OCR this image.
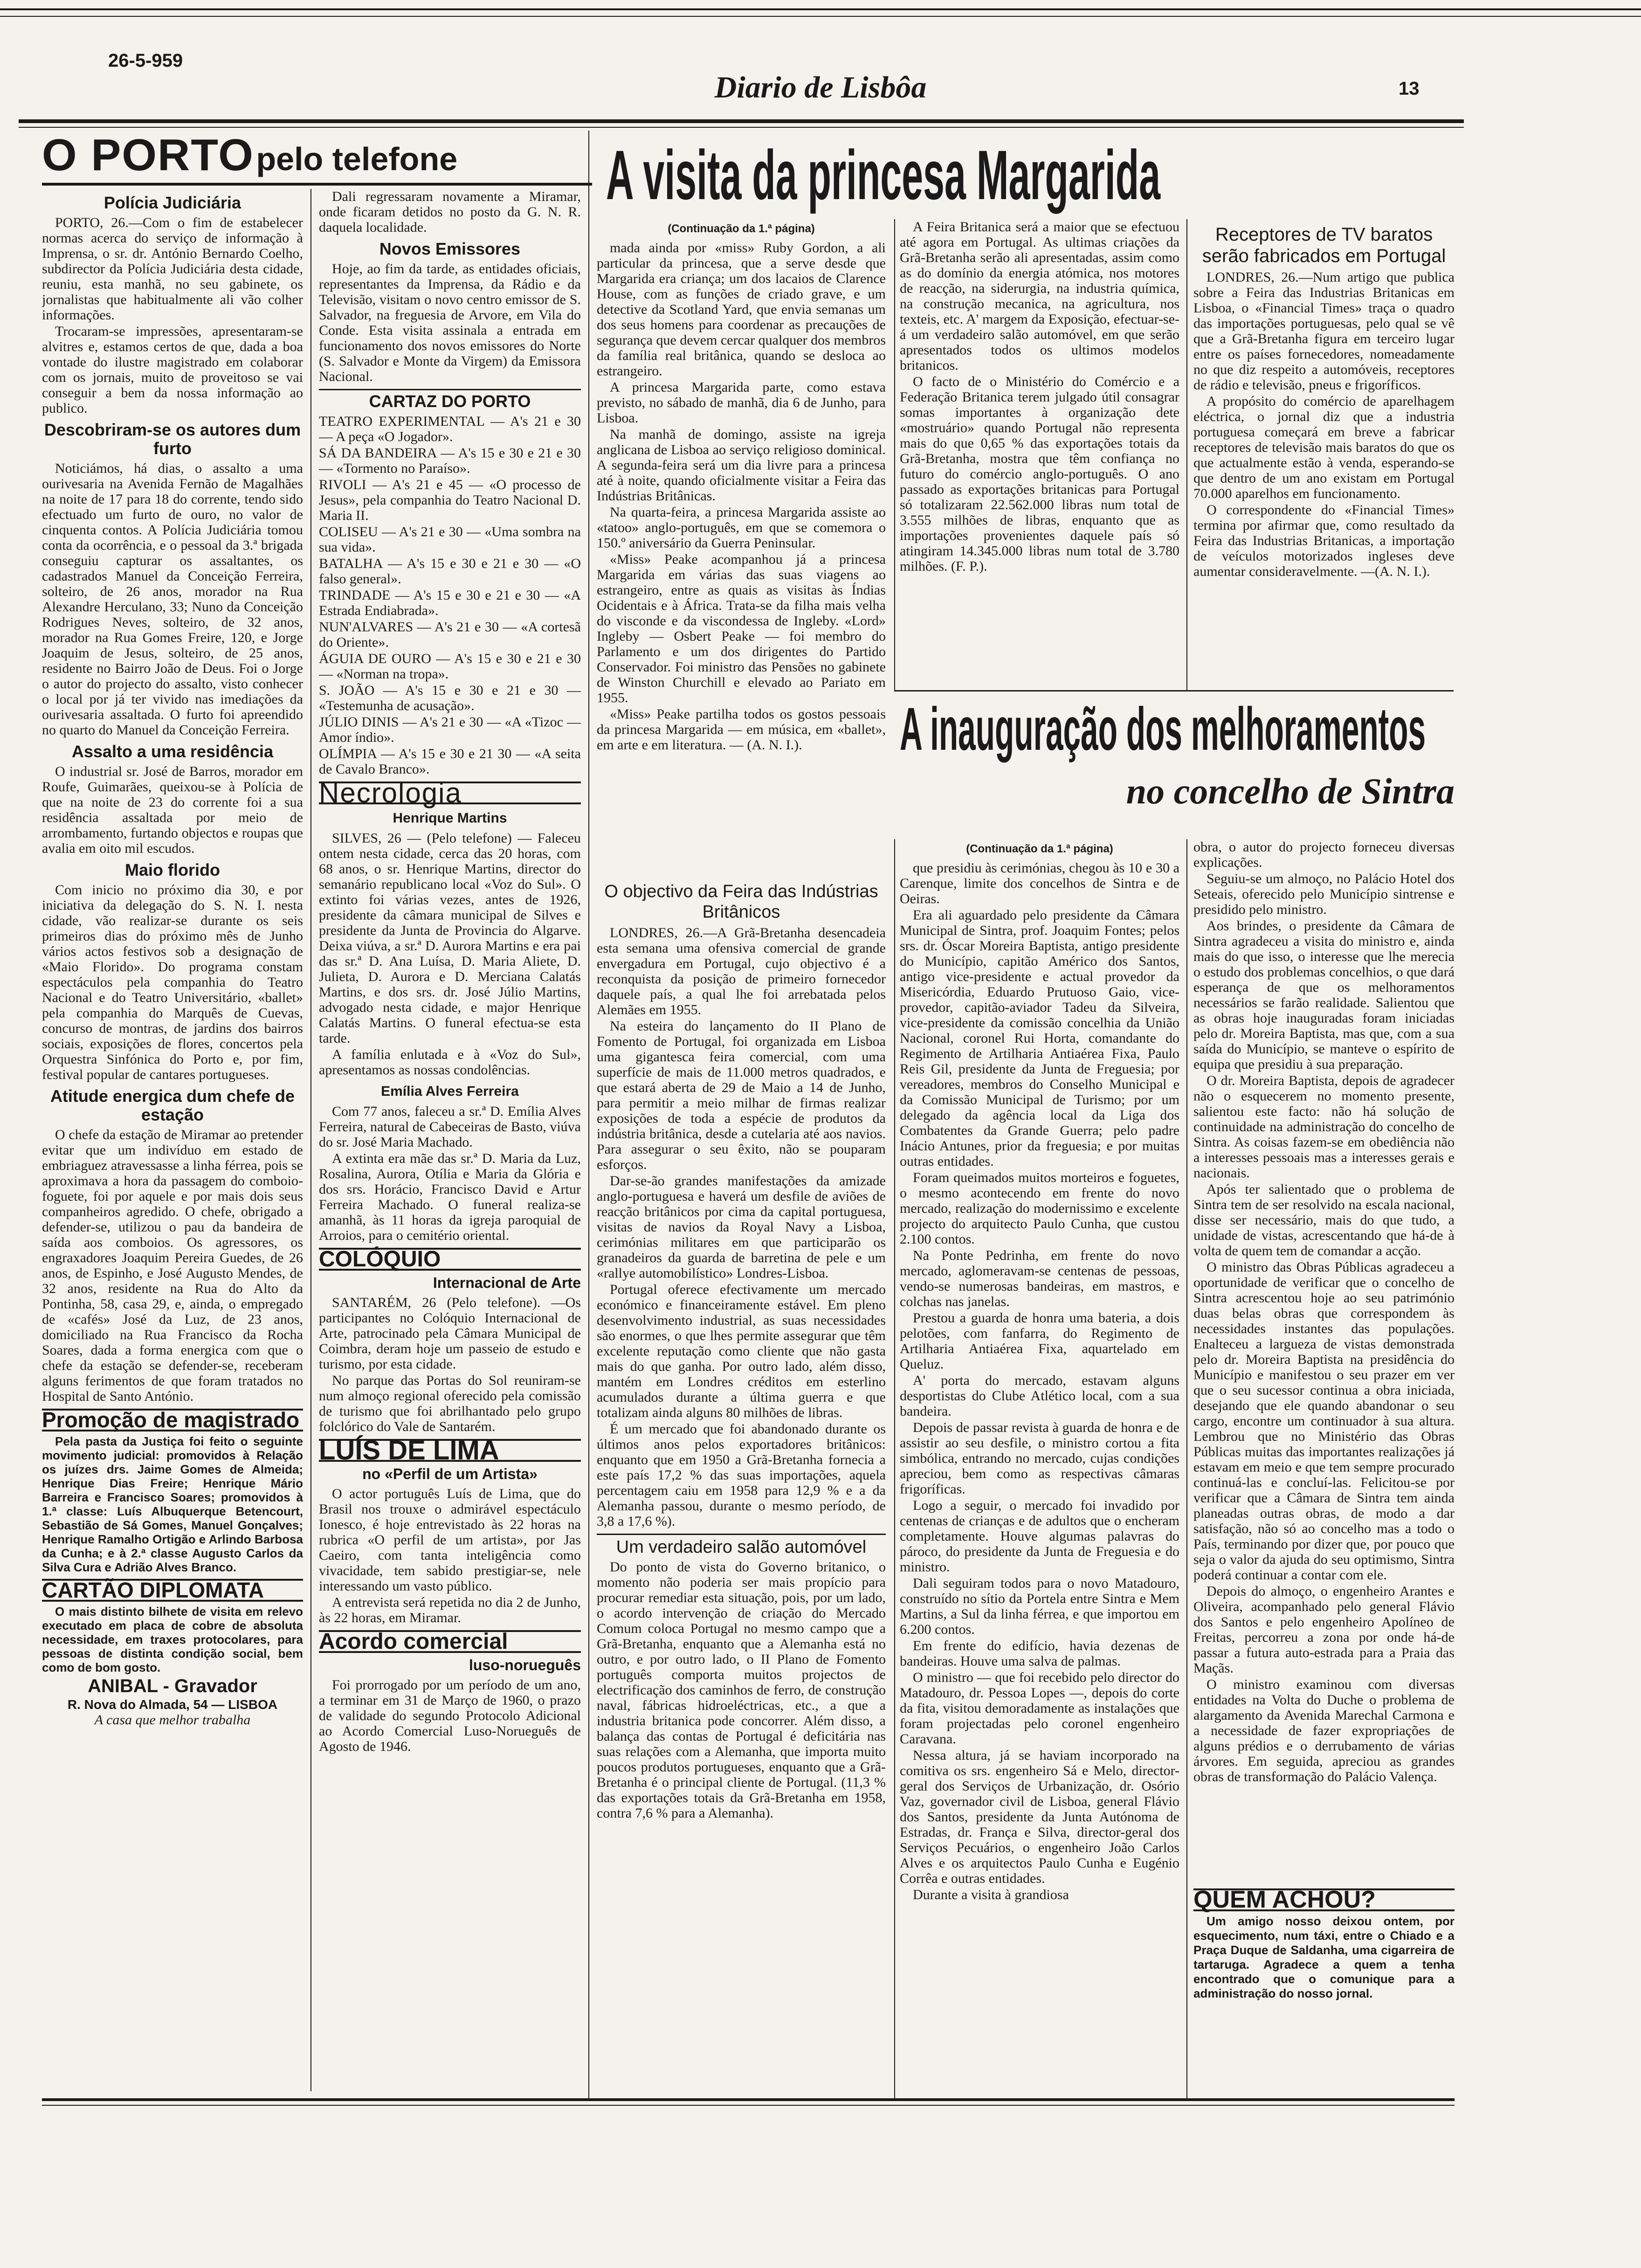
26-5-959
Diario de Lisbôa	13
O PORTO pelo telefone
Polícia Judiciária

PORTO, 26.—Com o fim de estabelecer normas acerca do serviço de informação à Imprensa, o sr. dr. António Bernardo Coelho, subdirector da Polícia Judiciária desta cidade, reuniu, esta manhã, no seu gabinete, os jornalistas que habitualmente ali vão colher informações.

Trocaram-se impressões, apresentaram-se alvitres e, estamos certos de que, dada a boa vontade do ilustre magistrado em colaborar com os jornais, muito de proveitoso se vai conseguir a bem da nossa informação ao publico.

Descobriram-se os autores dum furto

Noticiámos, há dias, o assalto a uma ourivesaria na Avenida Fernão de Magalhães na noite de 17 para 18 do corrente, tendo sido efectuado um furto de ouro, no valor de cinquenta contos. A Polícia Judiciária tomou conta da ocorrência, e o pessoal da 3.ª brigada conseguiu capturar os assaltantes, os cadastrados Manuel da Conceição Ferreira, solteiro, de 26 anos, morador na Rua Alexandre Herculano, 33; Nuno da Conceição Rodrigues Neves, solteiro, de 32 anos, morador na Rua Gomes Freire, 120, e Jorge Joaquim de Jesus, solteiro, de 25 anos, residente no Bairro João de Deus. Foi o Jorge o autor do projecto do assalto, visto conhecer o local por já ter vivido nas imediações da ourivesaria assaltada. O furto foi apreendido no quarto do Manuel da Conceição Ferreira.

Assalto a uma residência

O industrial sr. José de Barros, morador em Roufe, Guimarães, queixou-se à Polícia de que na noite de 23 do corrente foi a sua residência assaltada por meio de arrombamento, furtando objectos e roupas que avalia em oito mil escudos.

Maio florido

Com inicio no próximo dia 30, e por iniciativa da delegação do S. N. I. nesta cidade, vão realizar-se durante os seis primeiros dias do próximo mês de Junho vários actos festivos sob a designação de «Maio Florido». Do programa constam espectáculos pela companhia do Teatro Nacional e do Teatro Universitário, «ballet» pela companhia do Marquês de Cuevas, concurso de montras, de jardins dos bairros sociais, exposições de flores, concertos pela Orquestra Sinfónica do Porto e, por fim, festival popular de cantares portugueses.

Atitude energica dum chefe de estação

O chefe da estação de Miramar ao pretender evitar que um indivíduo em estado de embriaguez atravessasse a linha férrea, pois se aproximava a hora da passagem do comboio-foguete, foi por aquele e por mais dois seus companheiros agredido. O chefe, obrigado a defender-se, utilizou o pau da bandeira de saída aos comboios. Os agressores, os engraxadores Joaquim Pereira Guedes, de 26 anos, de Espinho, e José Augusto Mendes, de 32 anos, residente na Rua do Alto da Pontinha, 58, casa 29, e, ainda, o empregado de «cafés» José da Luz, de 23 anos, domiciliado na Rua Francisco da Rocha Soares, dada a forma energica com que o chefe da estação se defender-se, receberam alguns ferimentos de que foram tratados no Hospital de Santo António.

Promoção de magistrado

Pela pasta da Justiça foi feito o seguinte movimento judicial: promovidos à Relação os juízes drs. Jaime Gomes de Almeida; Henrique Dias Freire; Henrique Mário Barreira e Francisco Soares; promovidos à 1.ª classe: Luís Albuquerque Betencourt, Sebastião de Sá Gomes, Manuel Gonçalves; Henrique Ramalho Ortigão e Arlindo Barbosa da Cunha; e à 2.ª classe Augusto Carlos da Silva Cura e Adrião Alves Branco.

CARTÃO DIPLOMATA

O mais distinto bilhete de visita em relevo executado em placa de cobre de absoluta necessidade, em traxes protocolares, para pessoas de distinta condição social, bem como de bom gosto.

ANIBAL - Gravador
R. Nova do Almada, 54 — LISBOA
A casa que melhor trabalha

Dali regressaram novamente a Miramar, onde ficaram detidos no posto da G. N. R. daquela localidade.

Novos Emissores

Hoje, ao fim da tarde, as entidades oficiais, representantes da Imprensa, da Rádio e da Televisão, visitam o novo centro emissor de S. Salvador, na freguesia de Arvore, em Vila do Conde. Esta visita assinala a entrada em funcionamento dos novos emissores do Norte (S. Salvador e Monte da Virgem) da Emissora Nacional.

CARTAZ DO PORTO

TEATRO EXPERIMENTAL — A's 21 e 30 — A peça «O Jogador».

SÁ DA BANDEIRA — A's 15 e 30 e 21 e 30 — «Tormento no Paraíso».

RIVOLI — A's 21 e 45 — «O processo de Jesus», pela companhia do Teatro Nacional D. Maria II.

COLISEU — A's 21 e 30 — «Uma sombra na sua vida».

BATALHA — A's 15 e 30 e 21 e 30 — «O falso general».

TRINDADE — A's 15 e 30 e 21 e 30 — «A Estrada Endiabrada».

NUN'ALVARES — A's 21 e 30 — «A cortesã do Oriente».

ÁGUIA DE OURO — A's 15 e 30 e 21 e 30 — «Norman na tropa».

S. JOÃO — A's 15 e 30 e 21 e 30 — «Testemunha de acusação».

JÚLIO DINIS — A's 21 e 30 — «A «Tizoc — Amor índio».

OLÍMPIA — A's 15 e 30 e 21 30 — «A seita de Cavalo Branco».

Necrologia
Henrique Martins

SILVES, 26 — (Pelo telefone) — Faleceu ontem nesta cidade, cerca das 20 horas, com 68 anos, o sr. Henrique Martins, director do semanário republicano local «Voz do Sul». O extinto foi várias vezes, antes de 1926, presidente da câmara municipal de Silves e presidente da Junta de Provincia do Algarve. Deixa viúva, a sr.ª D. Aurora Martins e era pai das sr.ª D. Ana Luísa, D. Maria Aliete, D. Julieta, D. Aurora e D. Merciana Calatás Martins, e dos srs. dr. José Júlio Martins, advogado nesta cidade, e major Henrique Calatás Martins. O funeral efectua-se esta tarde.

A família enlutada e à «Voz do Sul», apresentamos as nossas condolências.

Emília Alves Ferreira

Com 77 anos, faleceu a sr.ª D. Emília Alves Ferreira, natural de Cabeceiras de Basto, viúva do sr. José Maria Machado.

A extinta era mãe das sr.ª D. Maria da Luz, Rosalina, Aurora, Otília e Maria da Glória e dos srs. Horácio, Francisco David e Artur Ferreira Machado. O funeral realiza-se amanhã, às 11 horas da igreja paroquial de Arroios, para o cemitério oriental.

COLÓQUIO
Internacional de Arte

SANTARÉM, 26 (Pelo telefone). —Os participantes no Colóquio Internacional de Arte, patrocinado pela Câmara Municipal de Coimbra, deram hoje um passeio de estudo e turismo, por esta cidade.

No parque das Portas do Sol reuniram-se num almoço regional oferecido pela comissão de turismo que foi abrilhantado pelo grupo folclórico do Vale de Santarém.

LUÍS DE LIMA
no «Perfil de um Artista»

O actor português Luís de Lima, que do Brasil nos trouxe o admirável espectáculo Ionesco, é hoje entrevistado às 22 horas na rubrica «O perfil de um artista», por Jas Caeiro, com tanta inteligência como vivacidade, tem sabido prestigiar-se, nele interessando um vasto público.

A entrevista será repetida no dia 2 de Junho, às 22 horas, em Miramar.

Acordo comercial
luso-norueguês

Foi prorrogado por um período de um ano, a terminar em 31 de Março de 1960, o prazo de validade do segundo Protocolo Adicional ao Acordo Comercial Luso-Norueguês de Agosto de 1946.

A visita da princesa Margarida
(Continuação da 1.ª página)

mada ainda por «miss» Ruby Gordon, a ali particular da princesa, que a serve desde que Margarida era criança; um dos lacaios de Clarence House, com as funções de criado grave, e um detective da Scotland Yard, que envia semanas um dos seus homens para coordenar as precauções de segurança que devem cercar qualquer dos membros da família real britânica, quando se desloca ao estrangeiro.

A princesa Margarida parte, como estava previsto, no sábado de manhã, dia 6 de Junho, para Lisboa.

Na manhã de domingo, assiste na igreja anglicana de Lisboa ao serviço religioso dominical. A segunda-feira será um dia livre para a princesa até à noite, quando oficialmente visitar a Feira das Indústrias Britânicas.

Na quarta-feira, a princesa Margarida assiste ao «tatoo» anglo-português, em que se comemora o 150.º aniversário da Guerra Peninsular.

«Miss» Peake acompanhou já a princesa Margarida em várias das suas viagens ao estrangeiro, entre as quais as visitas às Índias Ocidentais e à África. Trata-se da filha mais velha do visconde e da viscondessa de Ingleby. «Lord» Ingleby — Osbert Peake — foi membro do Parlamento e um dos dirigentes do Partido Conservador. Foi ministro das Pensões no gabinete de Winston Churchill e elevado ao Pariato em 1955.

«Miss» Peake partilha todos os gostos pessoais da princesa Margarida — em música, em «ballet», em arte e em literatura. — (A. N. I.).

A Feira Britanica será a maior que se efectuou até agora em Portugal. As ultimas criações da Grã-Bretanha serão ali apresentadas, assim como as do domínio da energia atómica, nos motores de reacção, na siderurgia, na industria química, na construção mecanica, na agricultura, nos texteis, etc. A' margem da Exposição, efectuar-se-á um verdadeiro salão automóvel, em que serão apresentados todos os ultimos modelos britanicos.

O facto de o Ministério do Comércio e a Federação Britanica terem julgado útil consagrar somas importantes à organização dete «mostruário» quando Portugal não representa mais do que 0,65 % das exportações totais da Grã-Bretanha, mostra que têm confiança no futuro do comércio anglo-português. O ano passado as exportações britanicas para Portugal só totalizaram 22.562.000 libras num total de 3.555 milhões de libras, enquanto que as importações provenientes daquele país só atingiram 14.345.000 libras num total de 3.780 milhões. (F. P.).

Receptores de TV baratos serão fabricados em Portugal

LONDRES, 26.—Num artigo que publica sobre a Feira das Industrias Britanicas em Lisboa, o «Financial Times» traça o quadro das importações portuguesas, pelo qual se vê que a Grã-Bretanha figura em terceiro lugar entre os países fornecedores, nomeadamente no que diz respeito a automóveis, receptores de rádio e televisão, pneus e frigoríficos.

A propósito do comércio de aparelhagem eléctrica, o jornal diz que a industria portuguesa começará em breve a fabricar receptores de televisão mais baratos do que os que actualmente estão à venda, esperando-se que dentro de um ano existam em Portugal 70.000 aparelhos em funcionamento.

O correspondente do «Financial Times» termina por afirmar que, como resultado da Feira das Industrias Britanicas, a importação de veículos motorizados ingleses deve aumentar consideravelmente. —(A. N. I.).

A inauguração dos melhoramentos
no concelho de Sintra
O objectivo da Feira das Indústrias Britânicos

LONDRES, 26.—A Grã-Bretanha desencadeia esta semana uma ofensiva comercial de grande envergadura em Portugal, cujo objectivo é a reconquista da posição de primeiro fornecedor daquele país, a qual lhe foi arrebatada pelos Alemães em 1955.

Na esteira do lançamento do II Plano de Fomento de Portugal, foi organizada em Lisboa uma gigantesca feira comercial, com uma superfície de mais de 11.000 metros quadrados, e que estará aberta de 29 de Maio a 14 de Junho, para permitir a meio milhar de firmas realizar exposições de toda a espécie de produtos da indústria britânica, desde a cutelaria até aos navios. Para assegurar o seu êxito, não se pouparam esforços.

Dar-se-ão grandes manifestações da amizade anglo-portuguesa e haverá um desfile de aviões de reacção britânicos por cima da capital portuguesa, visitas de navios da Royal Navy a Lisboa, cerimónias militares em que participarão os granadeiros da guarda de barretina de pele e um «rallye automobilístico» Londres-Lisboa.

Portugal oferece efectivamente um mercado económico e financeiramente estável. Em pleno desenvolvimento industrial, as suas necessidades são enormes, o que lhes permite assegurar que têm excelente reputação como cliente que não gasta mais do que ganha. Por outro lado, além disso, mantém em Londres créditos em esterlino acumulados durante a última guerra e que totalizam ainda alguns 80 milhões de libras.

É um mercado que foi abandonado durante os últimos anos pelos exportadores britânicos: enquanto que em 1950 a Grã-Bretanha fornecia a este país 17,2 % das suas importações, aquela percentagem caiu em 1958 para 12,9 % e a da Alemanha passou, durante o mesmo período, de 3,8 a 17,6 %).

Um verdadeiro salão automóvel

Do ponto de vista do Governo britanico, o momento não poderia ser mais propício para procurar remediar esta situação, pois, por um lado, o acordo intervenção de criação do Mercado Comum coloca Portugal no mesmo campo que a Grã-Bretanha, enquanto que a Alemanha está no outro, e por outro lado, o II Plano de Fomento português comporta muitos projectos de electrificação dos caminhos de ferro, de construção naval, fábricas hidroeléctricas, etc., a que a industria britanica pode concorrer. Além disso, a balança das contas de Portugal é deficitária nas suas relações com a Alemanha, que importa muito poucos produtos portugueses, enquanto que a Grã-Bretanha é o principal cliente de Portugal. (11,3 % das exportações totais da Grã-Bretanha em 1958, contra 7,6 % para a Alemanha).

(Continuação da 1.ª página)

que presidiu às cerimónias, chegou às 10 e 30 a Carenque, limite dos concelhos de Sintra e de Oeiras.

Era ali aguardado pelo presidente da Câmara Municipal de Sintra, prof. Joaquim Fontes; pelos srs. dr. Óscar Moreira Baptista, antigo presidente do Município, capitão Américo dos Santos, antigo vice-presidente e actual provedor da Misericórdia, Eduardo Prutuoso Gaio, vice-provedor, capitão-aviador Tadeu da Silveira, vice-presidente da comissão concelhia da União Nacional, coronel Rui Horta, comandante do Regimento de Artilharia Antiaérea Fixa, Paulo Reis Gil, presidente da Junta de Freguesia; por vereadores, membros do Conselho Municipal e da Comissão Municipal de Turismo; por um delegado da agência local da Liga dos Combatentes da Grande Guerra; pelo padre Inácio Antunes, prior da freguesia; e por muitas outras entidades.

Foram queimados muitos morteiros e foguetes, o mesmo acontecendo em frente do novo mercado, realização do modernissimo e excelente projecto do arquitecto Paulo Cunha, que custou 2.100 contos.

Na Ponte Pedrinha, em frente do novo mercado, aglomeravam-se centenas de pessoas, vendo-se numerosas bandeiras, em mastros, e colchas nas janelas.

Prestou a guarda de honra uma bateria, a dois pelotões, com fanfarra, do Regimento de Artilharia Antiaérea Fixa, aquartelado em Queluz.

A' porta do mercado, estavam alguns desportistas do Clube Atlético local, com a sua bandeira.

Depois de passar revista à guarda de honra e de assistir ao seu desfile, o ministro cortou a fita simbólica, entrando no mercado, cujas condições apreciou, bem como as respectivas câmaras frigoríficas.

Logo a seguir, o mercado foi invadido por centenas de crianças e de adultos que o encheram completamente. Houve algumas palavras do pároco, do presidente da Junta de Freguesia e do ministro.

Dali seguiram todos para o novo Matadouro, construído no sítio da Portela entre Sintra e Mem Martins, a Sul da linha férrea, e que importou em 6.200 contos.

Em frente do edifício, havia dezenas de bandeiras. Houve uma salva de palmas.

O ministro — que foi recebido pelo director do Matadouro, dr. Pessoa Lopes —, depois do corte da fita, visitou demoradamente as instalações que foram projectadas pelo coronel engenheiro Caravana.

Nessa altura, já se haviam incorporado na comitiva os srs. engenheiro Sá e Melo, director-geral dos Serviços de Urbanização, dr. Osório Vaz, governador civil de Lisboa, general Flávio dos Santos, presidente da Junta Autónoma de Estradas, dr. França e Silva, director-geral dos Serviços Pecuários, o engenheiro João Carlos Alves e os arquitectos Paulo Cunha e Eugénio Corrêa e outras entidades.

Durante a visita à grandiosa

obra, o autor do projecto forneceu diversas explicações.

Seguiu-se um almoço, no Palácio Hotel dos Seteais, oferecido pelo Município sintrense e presidido pelo ministro.

Aos brindes, o presidente da Câmara de Sintra agradeceu a visita do ministro e, ainda mais do que isso, o interesse que lhe merecia o estudo dos problemas concelhios, o que dará esperança de que os melhoramentos necessários se farão realidade. Salientou que as obras hoje inauguradas foram iniciadas pelo dr. Moreira Baptista, mas que, com a sua saída do Município, se manteve o espírito de equipa que presidiu à sua preparação.

O dr. Moreira Baptista, depois de agradecer não o esquecerem no momento presente, salientou este facto: não há solução de continuidade na administração do concelho de Sintra. As coisas fazem-se em obediência não a interesses pessoais mas a interesses gerais e nacionais.

Após ter salientado que o problema de Sintra tem de ser resolvido na escala nacional, disse ser necessário, mais do que tudo, a unidade de vistas, acrescentando que há-de à volta de quem tem de comandar a acção.

O ministro das Obras Públicas agradeceu a oportunidade de verificar que o concelho de Sintra acrescentou hoje ao seu património duas belas obras que correspondem às necessidades instantes das populações. Enalteceu a largueza de vistas demonstrada pelo dr. Moreira Baptista na presidência do Município e manifestou o seu prazer em ver que o seu sucessor continua a obra iniciada, desejando que ele quando abandonar o seu cargo, encontre um continuador à sua altura. Lembrou que no Ministério das Obras Públicas muitas das importantes realizações já estavam em meio e que tem sempre procurado continuá-las e concluí-las. Felicitou-se por verificar que a Câmara de Sintra tem ainda planeadas outras obras, de modo a dar satisfação, não só ao concelho mas a todo o País, terminando por dizer que, por pouco que seja o valor da ajuda do seu optimismo, Sintra poderá continuar a contar com ele.

Depois do almoço, o engenheiro Arantes e Oliveira, acompanhado pelo general Flávio dos Santos e pelo engenheiro Apolíneo de Freitas, percorreu a zona por onde há-de passar a futura auto-estrada para a Praia das Maçãs.

O ministro examinou com diversas entidades na Volta do Duche o problema de alargamento da Avenida Marechal Carmona e a necessidade de fazer expropriações de alguns prédios e o derrubamento de várias árvores. Em seguida, apreciou as grandes obras de transformação do Palácio Valença.

QUEM ACHOU?

Um amigo nosso deixou ontem, por esquecimento, num táxi, entre o Chiado e a Praça Duque de Saldanha, uma cigarreira de tartaruga. Agradece a quem a tenha encontrado que o comunique para a administração do nosso jornal.
